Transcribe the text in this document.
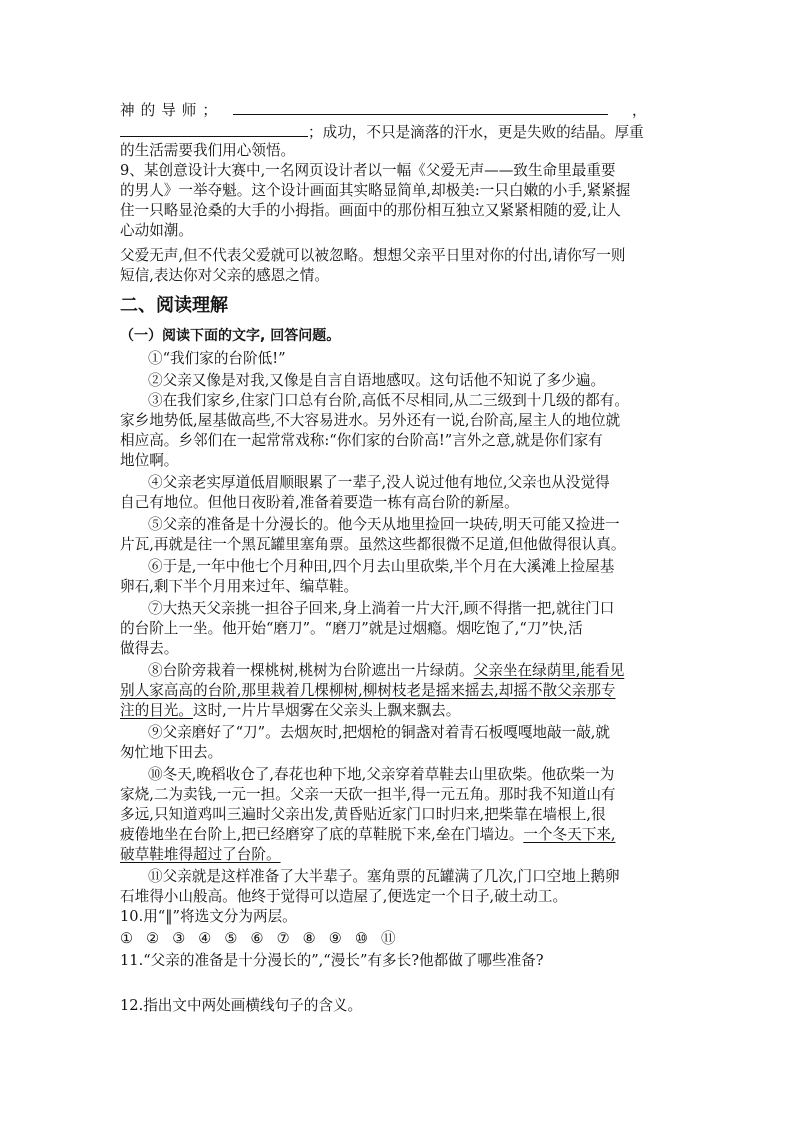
神的导师；	，
；成功，不只是滴落的汗水，更是失败的结晶。厚重
的生活需要我们用心领悟。
9、某创意设计大赛中,一名网页设计者以一幅《父爱无声——致生命里最重要
的男人》一举夺魁。这个设计画面其实略显简单,却极美:一只白嫩的小手,紧紧握
住一只略显沧桑的大手的小拇指。画面中的那份相互独立又紧紧相随的爱,让人
心动如潮。
父爱无声,但不代表父爱就可以被忽略。想想父亲平日里对你的付出,请你写一则
短信,表达你对父亲的感恩之情。
二、阅读理解
（一）阅读下面的文字, 回答问题。
①“我们家的台阶低!”
②父亲又像是对我,又像是自言自语地感叹。这句话他不知说了多少遍。
③在我们家乡,住家门口总有台阶,高低不尽相同,从二三级到十几级的都有。
家乡地势低,屋基做高些,不大容易进水。另外还有一说,台阶高,屋主人的地位就
相应高。乡邻们在一起常常戏称:“你们家的台阶高!”言外之意,就是你们家有
地位啊。
④父亲老实厚道低眉顺眼累了一辈子,没人说过他有地位,父亲也从没觉得
自己有地位。但他日夜盼着,准备着要造一栋有高台阶的新屋。
⑤父亲的准备是十分漫长的。他今天从地里捡回一块砖,明天可能又捡进一
片瓦,再就是往一个黑瓦罐里塞角票。虽然这些都很微不足道,但他做得很认真。
⑥于是,一年中他七个月种田,四个月去山里砍柴,半个月在大溪滩上捡屋基
卵石,剩下半个月用来过年、编草鞋。
⑦大热天父亲挑一担谷子回来,身上淌着一片大汗,顾不得揩一把,就往门口
的台阶上一坐。他开始“磨刀”。“磨刀”就是过烟瘾。烟吃饱了,“刀”快,活
做得去。
⑧台阶旁栽着一棵桃树,桃树为台阶遮出一片绿荫。父亲坐在绿荫里,能看见
别人家高高的台阶,那里栽着几棵柳树,柳树枝老是摇来摇去,却摇不散父亲那专
注的目光。这时,一片片旱烟雾在父亲头上飘来飘去。
⑨父亲磨好了“刀”。去烟灰时,把烟枪的铜盏对着青石板嘎嘎地敲一敲,就
匆忙地下田去。
⑩冬天,晚稻收仓了,春花也种下地,父亲穿着草鞋去山里砍柴。他砍柴一为
家烧,二为卖钱,一元一担。父亲一天砍一担半,得一元五角。那时我不知道山有
多远,只知道鸡叫三遍时父亲出发,黄昏贴近家门口时归来,把柴靠在墙根上,很
疲倦地坐在台阶上,把已经磨穿了底的草鞋脱下来,垒在门墙边。一个冬天下来,
破草鞋堆得超过了台阶。
⑪父亲就是这样准备了大半辈子。塞角票的瓦罐满了几次,门口空地上鹅卵
石堆得小山般高。他终于觉得可以造屋了,便选定一个日子,破土动工。
10.用“‖”将选文分为两层。
① ② ③ ④ ⑤ ⑥ ⑦ ⑧ ⑨ ⑩ ⑪
11.“父亲的准备是十分漫长的”,“漫长”有多长?他都做了哪些准备?
12.指出文中两处画横线句子的含义。
